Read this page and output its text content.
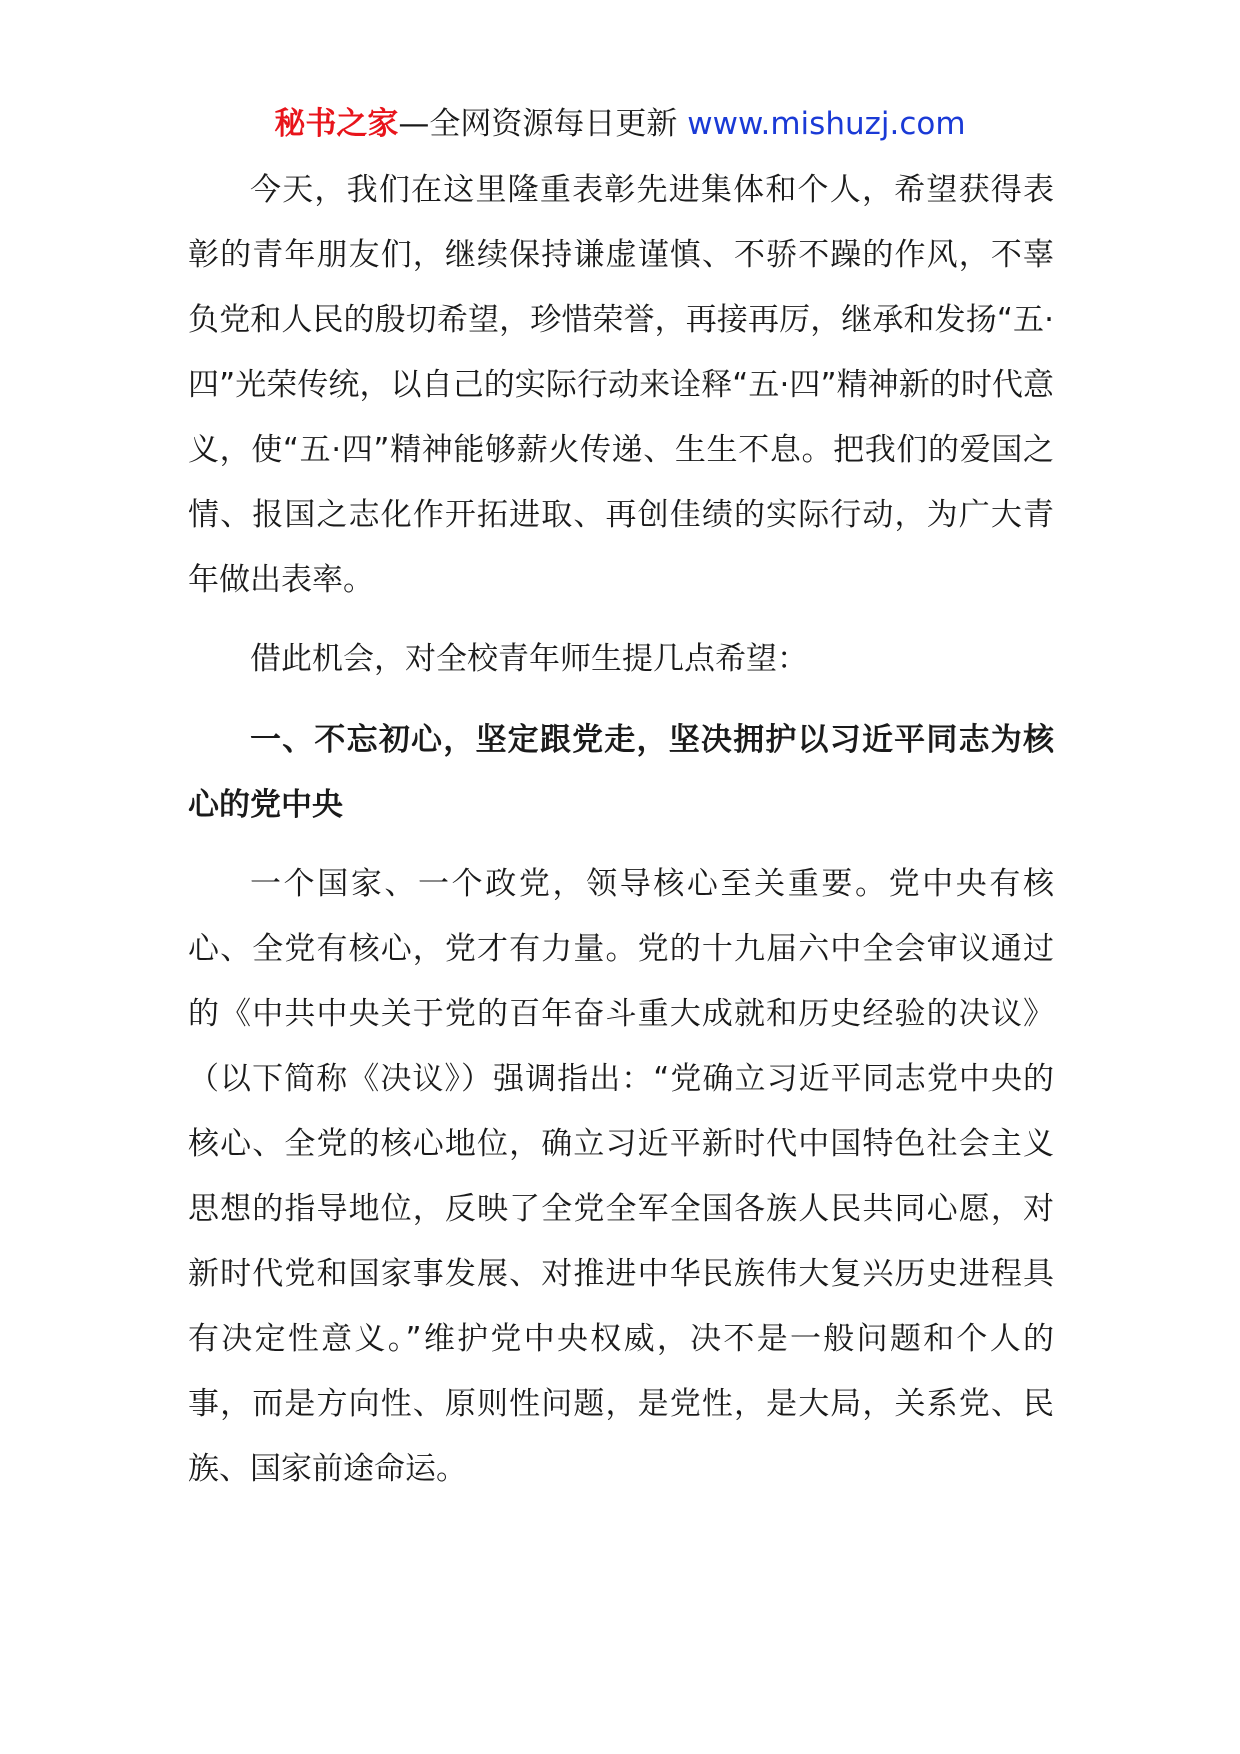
秘书之家—全网资源每日更新 www.mishuzj.com

今天，我们在这里隆重表彰先进集体和个人，希望获得表彰的青年朋友们，继续保持谦虚谨慎、不骄不躁的作风，不辜负党和人民的殷切希望，珍惜荣誉，再接再厉，继承和发扬“五·四”光荣传统，以自己的实际行动来诠释“五·四”精神新的时代意义，使“五·四”精神能够薪火传递、生生不息。把我们的爱国之情、报国之志化作开拓进取、再创佳绩的实际行动，为广大青年做出表率。

借此机会，对全校青年师生提几点希望：

一、不忘初心，坚定跟党走，坚决拥护以习近平同志为核心的党中央

一个国家、一个政党，领导核心至关重要。党中央有核心、全党有核心，党才有力量。党的十九届六中全会审议通过的《中共中央关于党的百年奋斗重大成就和历史经验的决议》（以下简称《决议》）强调指出：“党确立习近平同志党中央的核心、全党的核心地位，确立习近平新时代中国特色社会主义思想的指导地位，反映了全党全军全国各族人民共同心愿，对新时代党和国家事发展、对推进中华民族伟大复兴历史进程具有决定性意义。”维护党中央权威，决不是一般问题和个人的事，而是方向性、原则性问题，是党性，是大局，关系党、民族、国家前途命运。
